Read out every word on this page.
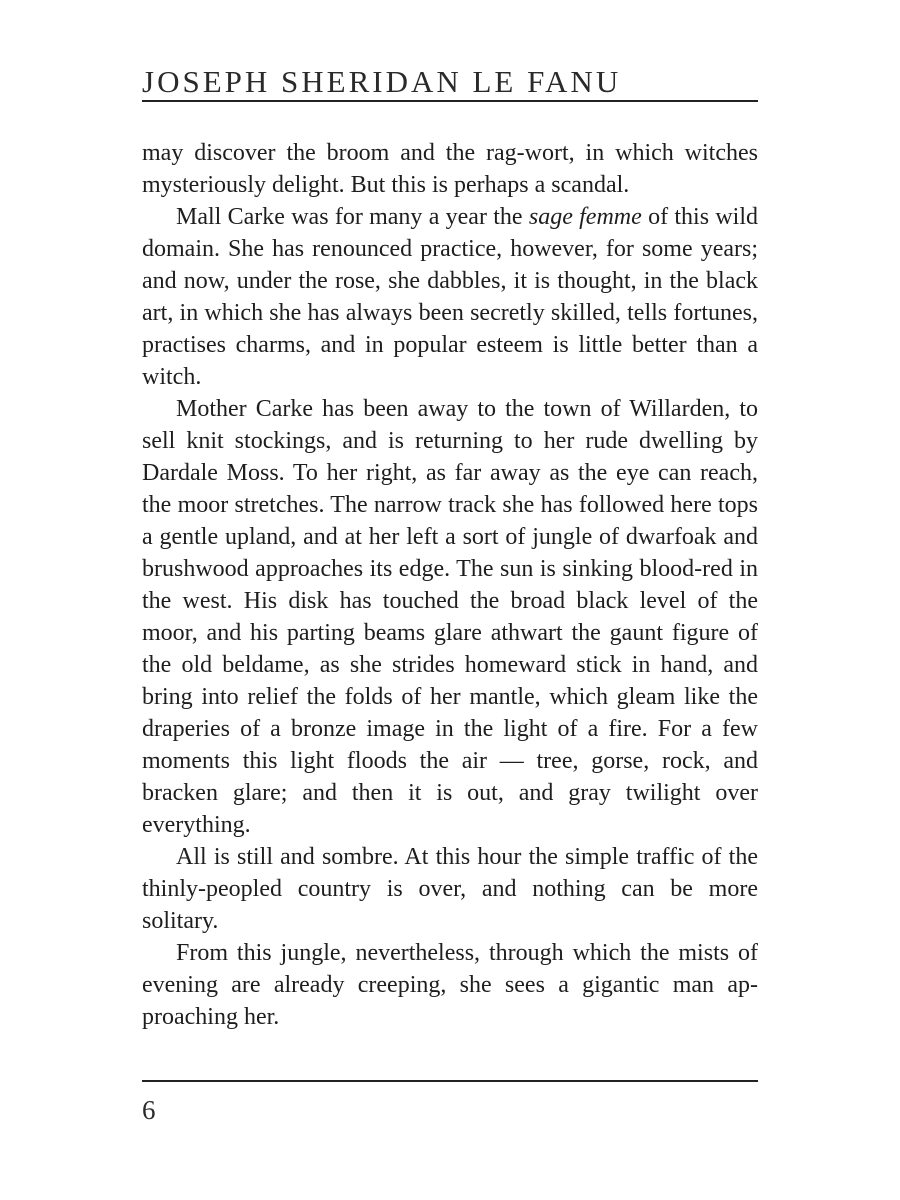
JOSEPH SHERIDAN LE FANU

may discover the broom and the rag-wort, in which witches mysteriously delight. But this is perhaps a scandal.

Mall Carke was for many a year the sage femme of this wild domain. She has renounced practice, however, for some years; and now, under the rose, she dabbles, it is thought, in the black art, in which she has always been secretly skilled, tells fortunes, practises charms, and in popular esteem is little better than a witch.

Mother Carke has been away to the town of Willarden, to sell knit stockings, and is returning to her rude dwelling by Dardale Moss. To her right, as far away as the eye can reach, the moor stretches. The narrow track she has followed here tops a gentle upland, and at her left a sort of jungle of dwarfoak and brushwood approaches its edge. The sun is sinking blood-red in the west. His disk has touched the broad black level of the moor, and his parting beams glare athwart the gaunt figure of the old beldame, as she strides homeward stick in hand, and bring into relief the folds of her mantle, which gleam like the draperies of a bronze image in the light of a fire. For a few moments this light floods the air — tree, gorse, rock, and bracken glare; and then it is out, and gray twilight over everything.

All is still and sombre. At this hour the simple traffic of the thinly-peopled country is over, and nothing can be more solitary.

From this jungle, nevertheless, through which the mists of evening are already creeping, she sees a gigantic man approaching her.

6
